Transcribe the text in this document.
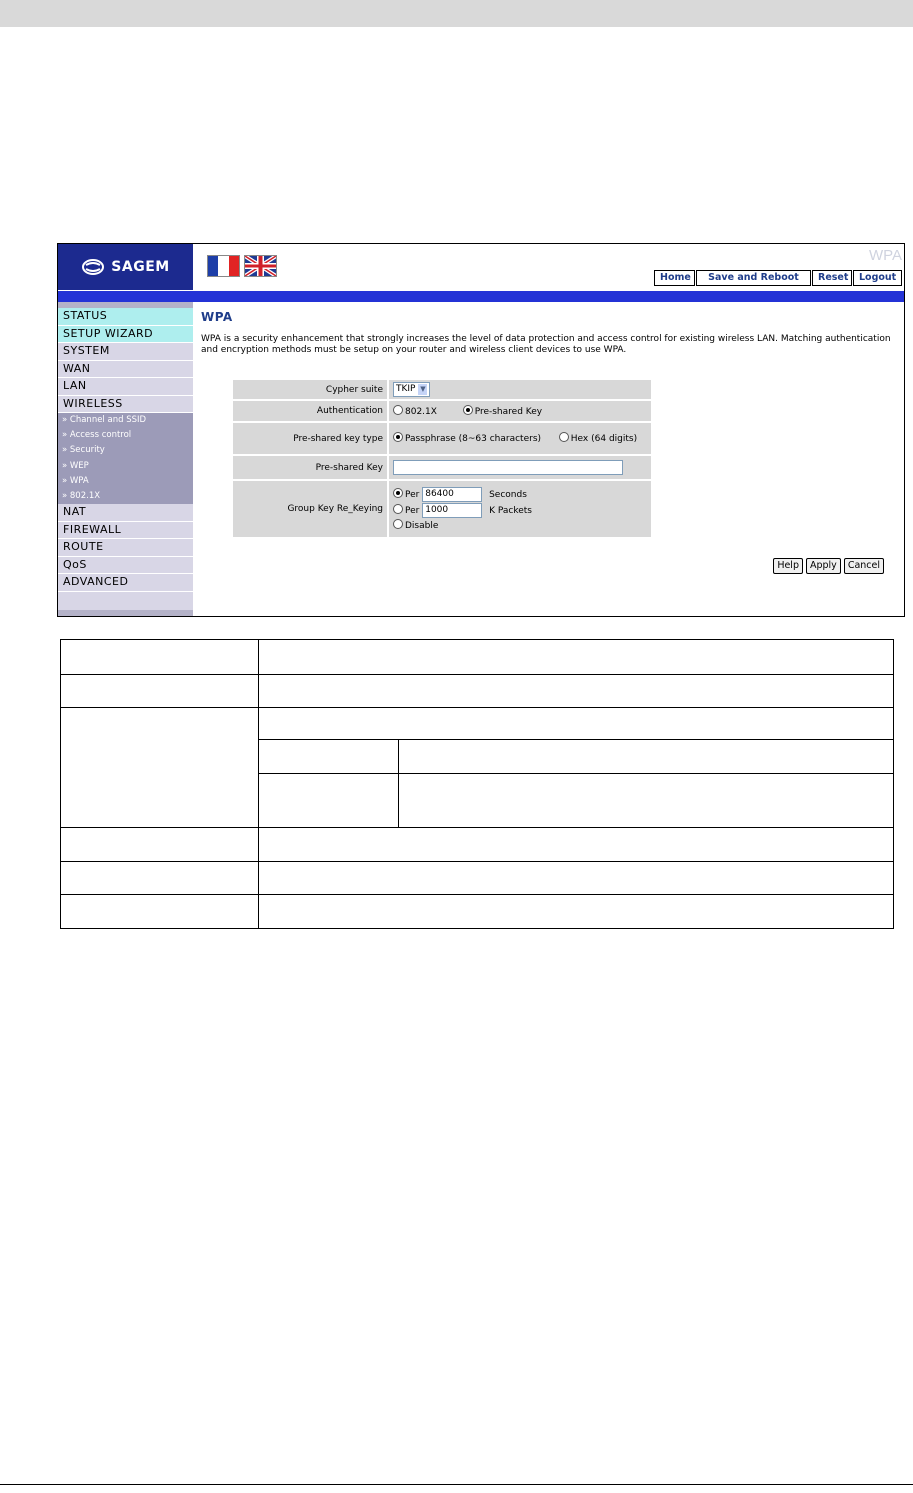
SAGEM
WPA
Home	Save and Reboot	Reset	Logout
STATUS
SETUP WIZARD
SYSTEM
WAN
LAN
WIRELESS
» Channel and SSID
» Access control
» Security
» WEP
» WPA
» 802.1X
NAT
FIREWALL
ROUTE
QoS
ADVANCED
WPA
WPA is a security enhancement that strongly increases the level of data protection and access control for existing wireless LAN. Matching authentication and encryption methods must be setup on your router and wireless client devices to use WPA.
Cypher suite	TKIP ▼
Authentication	802.1X Pre-shared Key
Pre-shared key type	Passphrase (8~63 characters) Hex (64 digits)
Pre-shared Key	
Group Key Re_Keying	Per 86400 Seconds
Per 1000 K Packets
Disable
Help	Apply	Cancel
